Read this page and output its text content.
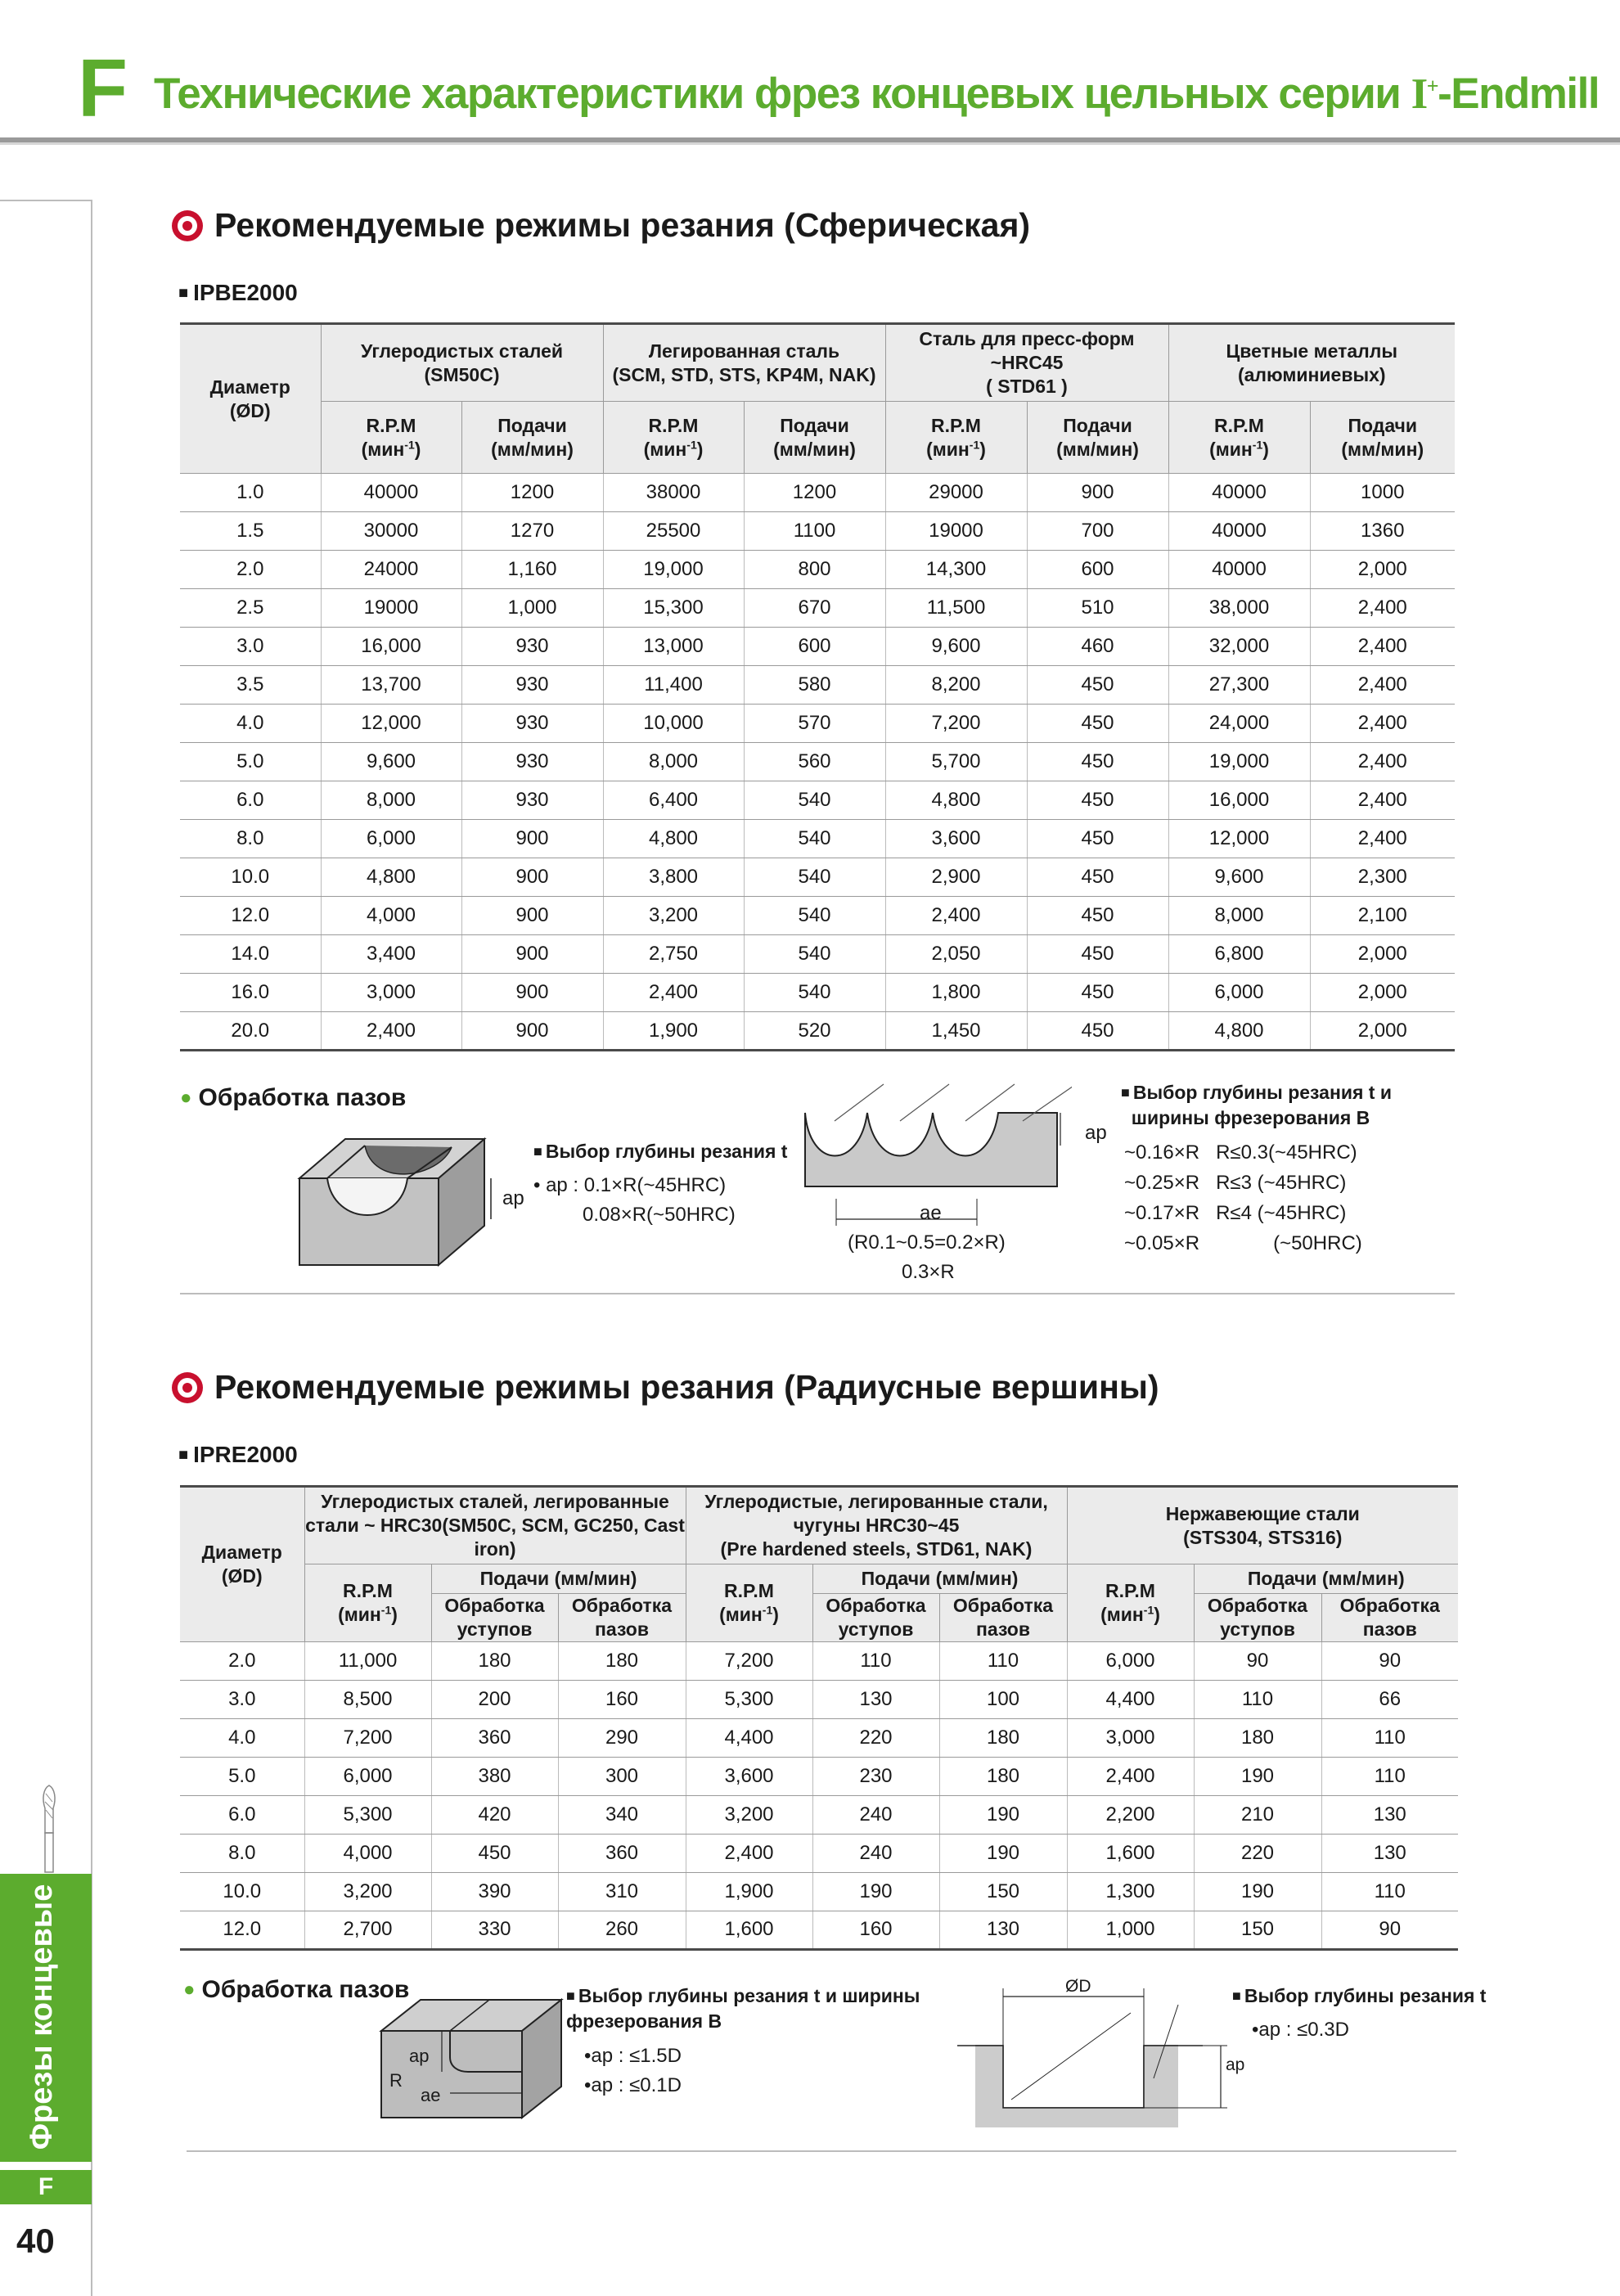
F Технические характеристики фрез концевых цельных серии I+-Endmill
Фрезы концевые
F
40
Рекомендуемые режимы резания (Сферическая)
■ IPBE2000
Диаметр
(ØD)	Углеродистых сталей
(SM50C)		Легированная сталь
(SCM, STD, STS, KP4M, NAK)		Сталь для пресс-форм
~HRC45
( STD61 )		Цветные металлы
(алюминиевых)	
	R.P.M
(мин$^{-1}$)	Подачи
(мм/мин)	R.P.M
(мин$^{-1}$)	Подачи
(мм/мин)	R.P.M
(мин$^{-1}$)	Подачи
(мм/мин)	R.P.M
(мин$^{-1}$)	Подачи
(мм/мин)
1.0	40000	1200	38000	1200	29000	900	40000	1000
1.5	30000	1270	25500	1100	19000	700	40000	1360
2.0	24000	1,160	19,000	800	14,300	600	40000	2,000
2.5	19000	1,000	15,300	670	11,500	510	38,000	2,400
3.0	16,000	930	13,000	600	9,600	460	32,000	2,400
3.5	13,700	930	11,400	580	8,200	450	27,300	2,400
4.0	12,000	930	10,000	570	7,200	450	24,000	2,400
5.0	9,600	930	8,000	560	5,700	450	19,000	2,400
6.0	8,000	930	6,400	540	4,800	450	16,000	2,400
8.0	6,000	900	4,800	540	3,600	450	12,000	2,400
10.0	4,800	900	3,800	540	2,900	450	9,600	2,300
12.0	4,000	900	3,200	540	2,400	450	8,000	2,100
14.0	3,400	900	2,750	540	2,050	450	6,800	2,000
16.0	3,000	900	2,400	540	1,800	450	6,000	2,000
20.0	2,400	900	1,900	520	1,450	450	4,800	2,000
● Обработка пазов
ap
■ Выбор глубины резания t
• ap : 0.1×R(~45HRC)
0.08×R(~50HRC)
ap
ae
(R0.1~0.5=0.2×R)
0.3×R
■ Выбор глубины резания t и
ширины фрезерования B
~0.16×R R≤0.3(~45HRC)
~0.25×R R≤3 (~45HRC)
~0.17×R R≤4 (~45HRC)
~0.05×R	(~50HRC)
Рекомендуемые режимы резания (Радиусные вершины)
■ IPRE2000
Диаметр
(ØD)	Углеродистых сталей, легированные
стали ~ HRC30(SM50C, SCM, GC250, Cast
iron)			Углеродистые, легированные стали,
чугуны HRC30~45
(Pre hardened steels, STD61, NAK)			Нержавеющие стали
(STS304, STS316)		
	R.P.M
(мин$^{-1}$)	Подачи (мм/мин)		R.P.M
(мин$^{-1}$)	Подачи (мм/мин)		R.P.M
(мин$^{-1}$)	Подачи (мм/мин)	
		Обработка
уступов	Обработка
пазов		Обработка
уступов	Обработка
пазов		Обработка
уступов	Обработка
пазов
2.0	11,000	180	180	7,200	110	110	6,000	90	90
3.0	8,500	200	160	5,300	130	100	4,400	110	66
4.0	7,200	360	290	4,400	220	180	3,000	180	110
5.0	6,000	380	300	3,600	230	180	2,400	190	110
6.0	5,300	420	340	3,200	240	190	2,200	210	130
8.0	4,000	450	360	2,400	240	190	1,600	220	130
10.0	3,200	390	310	1,900	190	150	1,300	190	110
12.0	2,700	330	260	1,600	160	130	1,000	150	90
● Обработка пазов
ap
R
ae
■ Выбор глубины резания t и ширины
фрезерования B
•ap : ≤1.5D
•ap : ≤0.1D
ØD
ap
■ Выбор глубины резания t
•ap : ≤0.3D
